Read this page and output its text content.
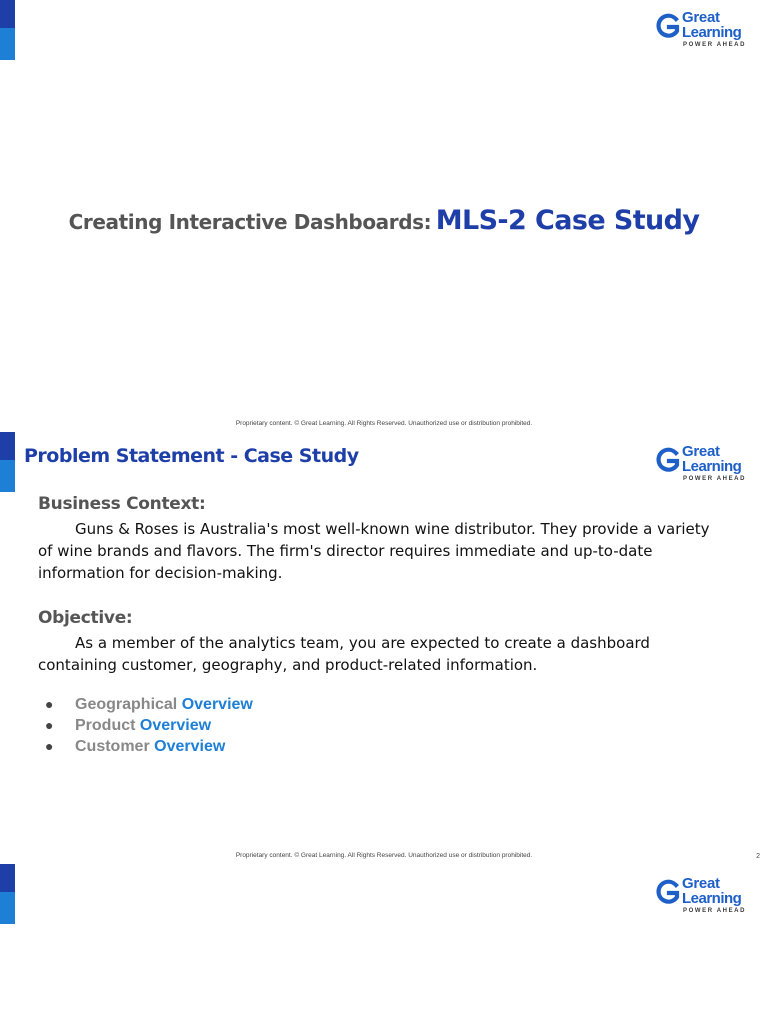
Great
Learning
POWER AHEAD
Creating Interactive Dashboards: MLS-2 Case Study
Proprietary content. © Great Learning. All Rights Reserved. Unauthorized use or distribution prohibited.
Problem Statement - Case Study	Great
Learning
POWER AHEAD
Business Context:
Guns & Roses is Australia's most well-known wine distributor. They provide a variety of wine brands and flavors. The firm's director requires immediate and up-to-date information for decision-making.
Objective:
As a member of the analytics team, you are expected to create a dashboard containing customer, geography, and product-related information.
● Geographical Overview
● Product Overview
● Customer Overview
Proprietary content. © Great Learning. All Rights Reserved. Unauthorized use or distribution prohibited.	2
Great
Learning
POWER AHEAD
